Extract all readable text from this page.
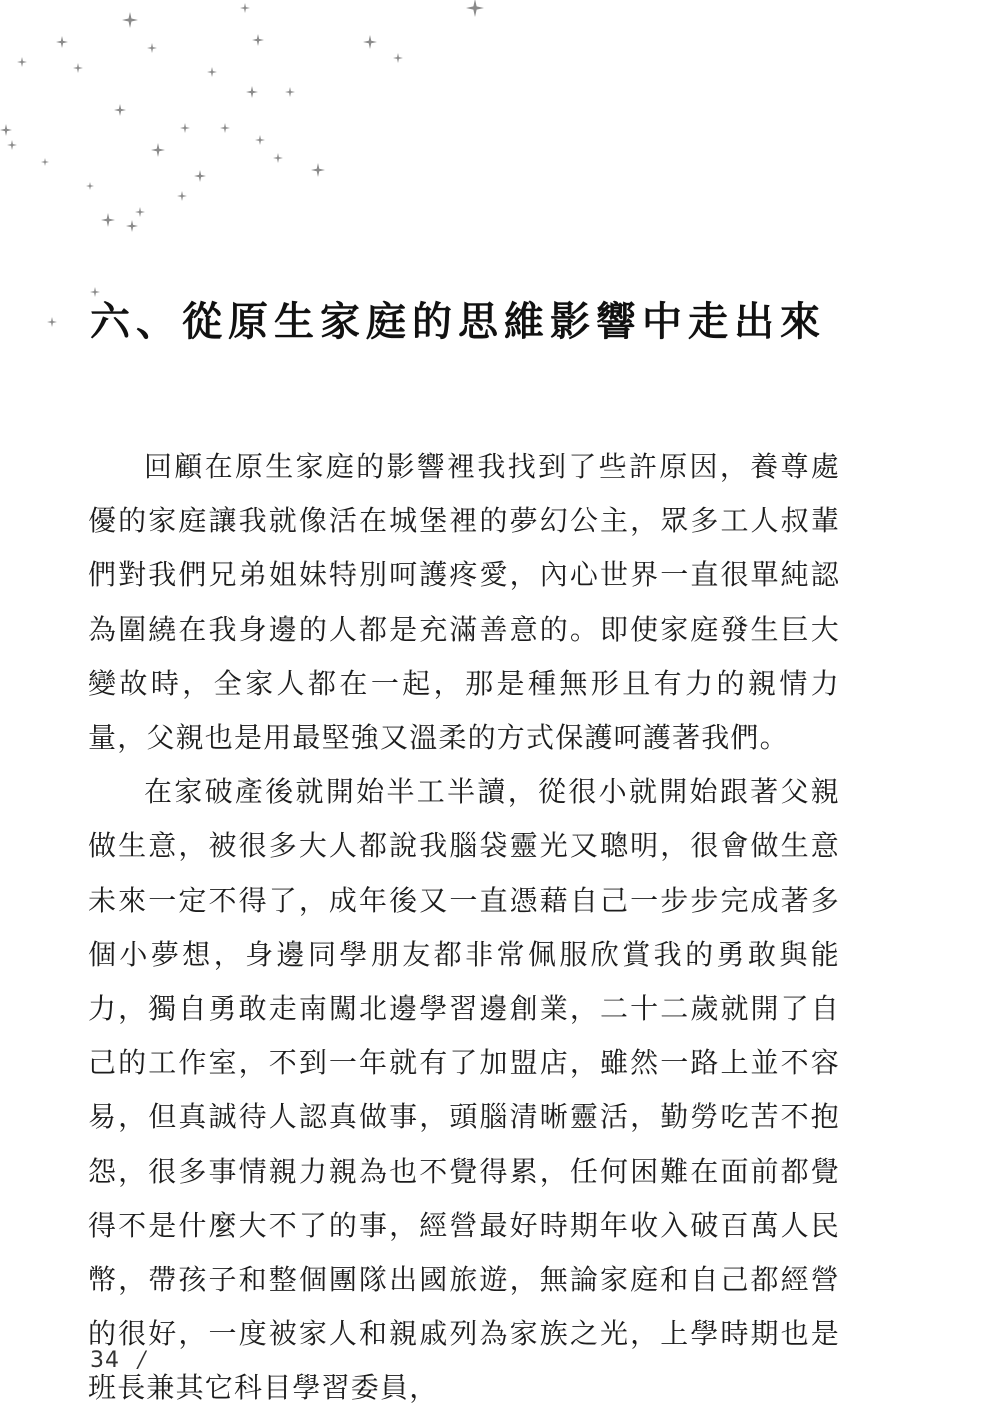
六、從原生家庭的思維影響中走出來

回顧在原生家庭的影響裡我找到了些許原因，養尊處優的家庭讓我就像活在城堡裡的夢幻公主，眾多工人叔輩們對我們兄弟姐妹特別呵護疼愛，內心世界一直很單純認為圍繞在我身邊的人都是充滿善意的。即使家庭發生巨大變故時，全家人都在一起，那是種無形且有力的親情力量，父親也是用最堅強又溫柔的方式保護呵護著我們。

在家破產後就開始半工半讀，從很小就開始跟著父親做生意，被很多大人都說我腦袋靈光又聰明，很會做生意未來一定不得了，成年後又一直憑藉自己一步步完成著多個小夢想，身邊同學朋友都非常佩服欣賞我的勇敢與能力，獨自勇敢走南闖北邊學習邊創業，二十二歲就開了自己的工作室，不到一年就有了加盟店，雖然一路上並不容易，但真誠待人認真做事，頭腦清晰靈活，勤勞吃苦不抱怨，很多事情親力親為也不覺得累，任何困難在面前都覺得不是什麼大不了的事，經營最好時期年收入破百萬人民幣，帶孩子和整個團隊出國旅遊，無論家庭和自己都經營的很好，一度被家人和親戚列為家族之光，上學時期也是班長兼其它科目學習委員，

34 /
